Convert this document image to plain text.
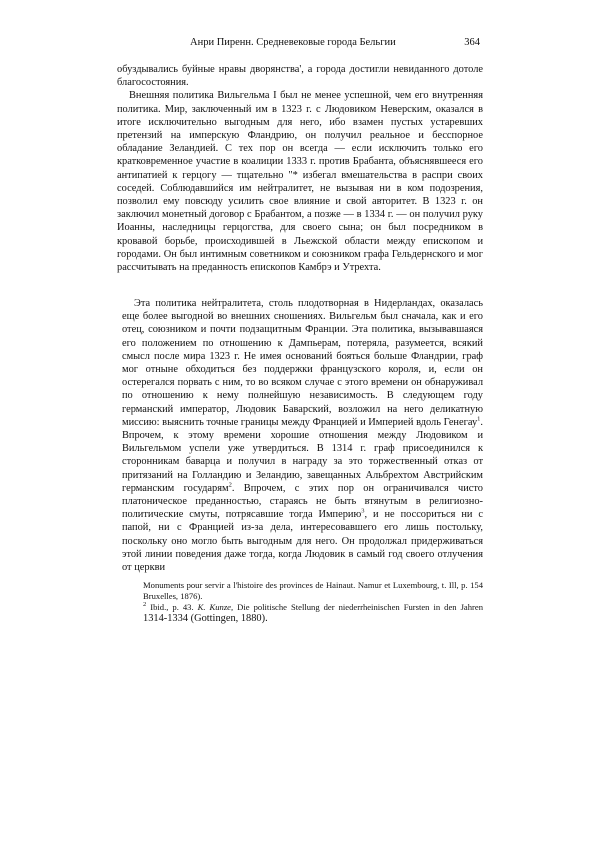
Анри Пиренн. Средневековые города Бельгии	364

обуздывались буйные нравы дворянства', а города достигли невиданного дотоле благосостояния.

Внешняя политика Вильгельма I был не менее успешной, чем его внутренняя политика. Мир, заключенный им в 1323 г. с Людовиком Неверским, оказался в итоге исключительно выгодным для него, ибо взамен пустых устаревших претензий на имперскую Фландрию, он получил реальное и бесспорное обладание Зеландией. С тех пор он всегда — если исключить только его кратковременное участие в коалиции 1333 г. против Брабанта, объяснявшееся его антипатией к герцогу — тщательно "* избегал вмешательства в распри своих соседей. Соблюдавшийся им нейтралитет, не вызывая ни в ком подозрения, позволил ему повсюду усилить свое влияние и свой авторитет. В 1323 г. он заключил монетный договор с Брабантом, а позже — в 1334 г. — он получил руку Иоанны, наследницы герцогства, для своего сына; он был посредником в кровавой борьбе, происходившей в Льежской области между епископом и городами. Он был интимным советником и союзником графа Гельдернского и мог рассчитывать на преданность епископов Камбрэ и Утрехта.

Эта политика нейтралитета, столь плодотворная в Нидерландах, оказалась еще более выгодной во внешних сношениях. Вильгельм был сначала, как и его отец, союзником и почти подзащитным Франции. Эта политика, вызывавшаяся его положением по отношению к Дампьерам, потеряла, разумеется, всякий смысл после мира 1323 г. Не имея оснований бояться больше Фландрии, граф мог отныне обходиться без поддержки французского короля, и, если он остерегался порвать с ним, то во всяком случае с этого времени он обнаруживал по отношению к нему полнейшую независимость. В следующем году германский император, Людовик Баварский, возложил на него деликатную миссию: выяснить точные границы между Францией и Империей вдоль Генегау$^1$. Впрочем, к этому времени хорошие отношения между Людовиком и Вильгельмом успели уже утвердиться. В 1314 г. граф присоединился к сторонникам баварца и получил в награду за это торжественный отказ от притязаний на Голландию и Зеландию, завещанных Альбрехтом Австрийским германским государям$^2$. Впрочем, с этих пор он ограничивался чисто платоническое преданностью, стараясь не быть втянутым в религиозно-политические смуты, потрясавшие тогда Империю$^3$, и не поссориться ни с папой, ни с Францией из-за дела, интересовавшего его лишь постольку, поскольку оно могло быть выгодным для него. Он продолжал придерживаться этой линии поведения даже тогда, когда Людовик в самый год своего отлучения от церкви

Monuments pour servir a l'histoire des provinces de Hainaut. Namur et Luxembourg, t. Ill, p. 154 Bruxelles, 1876).

$^2$ Ibid., p. 43. K. Kunze, Die politische Stellung der niederrheinischen Fursten in den Jahren 1314-1334 (Gottingen, 1880).
